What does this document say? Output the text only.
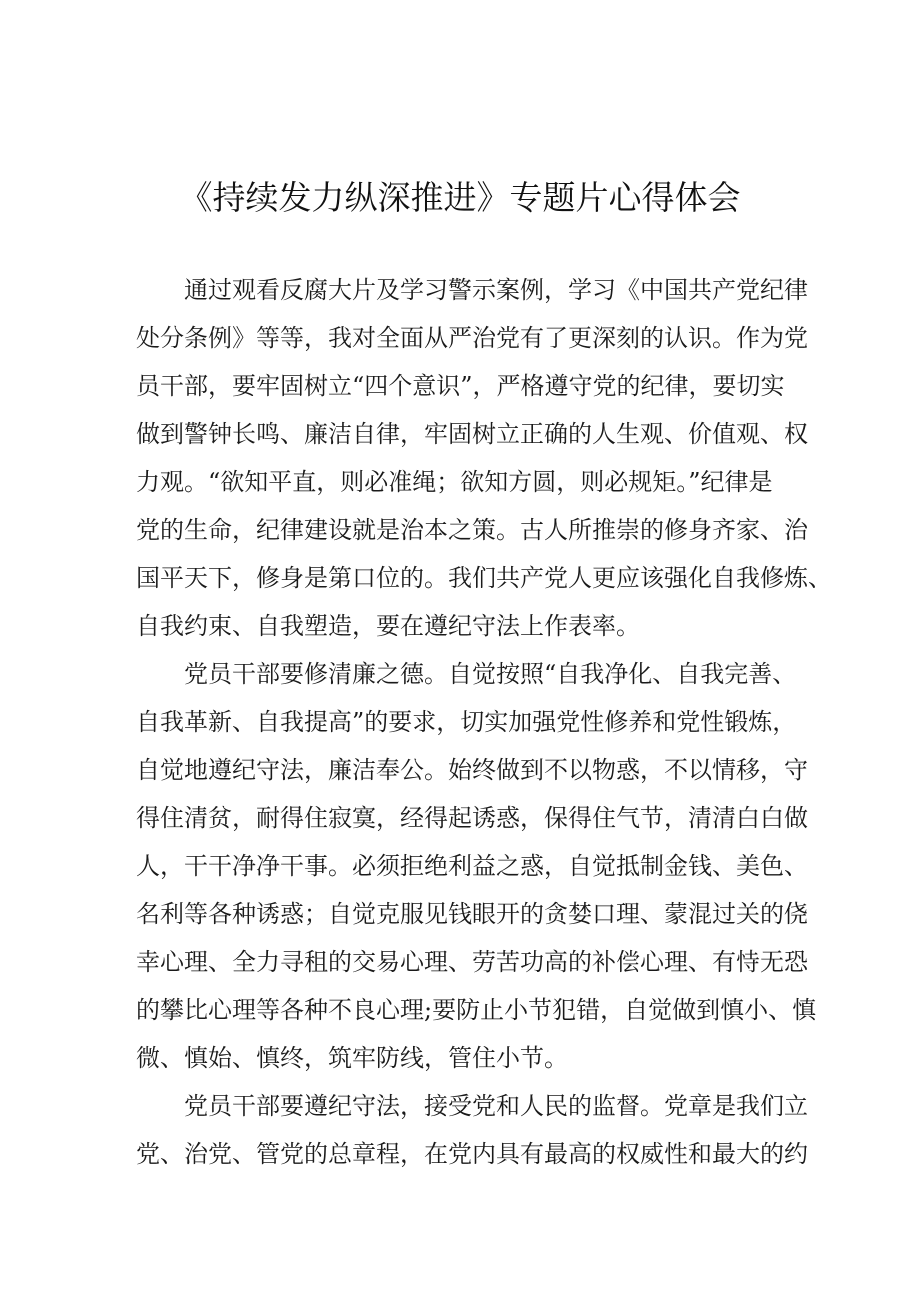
《持续发力纵深推进》专题片心得体会
通过观看反腐大片及学习警示案例，学习《中国共产党纪律
处分条例》等等，我对全面从严治党有了更深刻的认识。作为党
员干部，要牢固树立“四个意识”，严格遵守党的纪律，要切实
做到警钟长鸣、廉洁自律，牢固树立正确的人生观、价值观、权
力观。“欲知平直，则必准绳；欲知方圆，则必规矩。”纪律是
党的生命，纪律建设就是治本之策。古人所推崇的修身齐家、治
国平天下，修身是第口位的。我们共产党人更应该强化自我修炼、
自我约束、自我塑造，要在遵纪守法上作表率。
党员干部要修清廉之德。自觉按照“自我净化、自我完善、
自我革新、自我提高”的要求，切实加强党性修养和党性锻炼，
自觉地遵纪守法，廉洁奉公。始终做到不以物惑，不以情移，守
得住清贫，耐得住寂寞，经得起诱惑，保得住气节，清清白白做
人，干干净净干事。必须拒绝利益之惑，自觉抵制金钱、美色、
名利等各种诱惑；自觉克服见钱眼开的贪婪口理、蒙混过关的侥
幸心理、全力寻租的交易心理、劳苦功高的补偿心理、有恃无恐
的攀比心理等各种不良心理;要防止小节犯错，自觉做到慎小、慎
微、慎始、慎终，筑牢防线，管住小节。
党员干部要遵纪守法，接受党和人民的监督。党章是我们立
党、治党、管党的总章程，在党内具有最高的权威性和最大的约
